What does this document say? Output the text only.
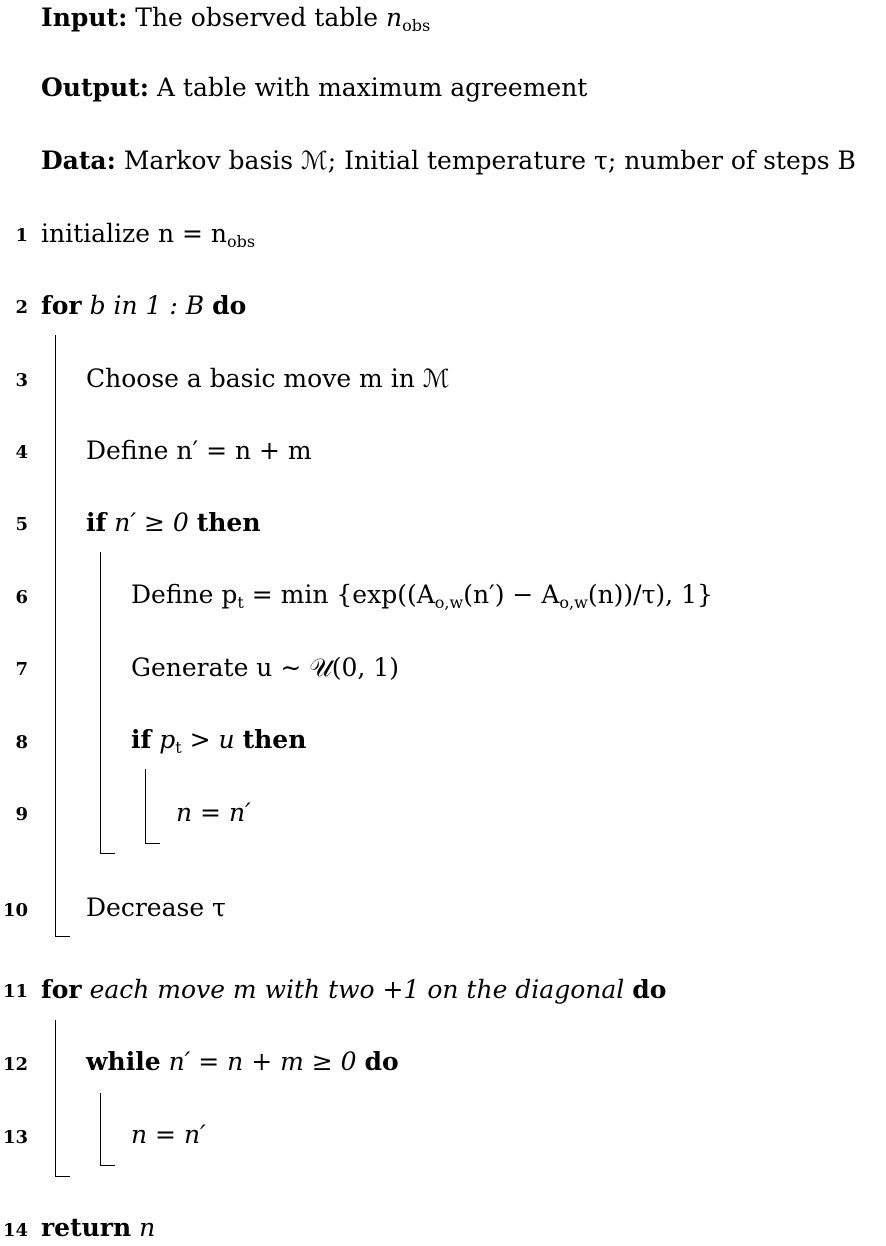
Input: The observed table $n_{obs}$
Output: A table with maximum agreement
Data: Markov basis ℳ; Initial temperature τ; number of steps B
1 initialize $n = n_{obs}$
2 for b in 1 : B do
3 Choose a basic move m in ℳ
4 Define n′ = n + m
5 if n′ ≥ 0 then
6	Define $p_t = \min \{\exp((A_{o,w}(n') - A_{o,w}(n))/\tau)$, 1}
7	Generate u ∼ 𝒰(0, 1)
8	if $p_t > u$ then
9	n = n′
10 Decrease τ
11 for each move m with two +1 on the diagonal do
12 while n′ = n + m ≥ 0 do
13	n = n′
14 return n
